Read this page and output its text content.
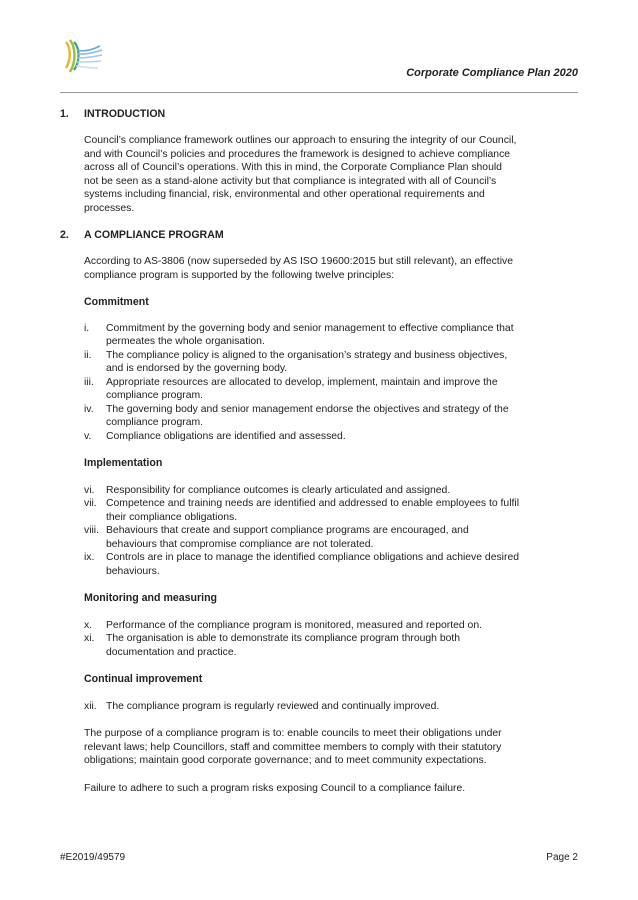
Corporate Compliance Plan 2020
1. INTRODUCTION
Council’s compliance framework outlines our approach to ensuring the integrity of our Council,
and with Council’s policies and procedures the framework is designed to achieve compliance
across all of Council’s operations. With this in mind, the Corporate Compliance Plan should
not be seen as a stand-alone activity but that compliance is integrated with all of Council’s
systems including financial, risk, environmental and other operational requirements and
processes.
2. A COMPLIANCE PROGRAM
According to AS-3806 (now superseded by AS ISO 19600:2015 but still relevant), an effective
compliance program is supported by the following twelve principles:
Commitment
i. Commitment by the governing body and senior management to effective compliance that
permeates the whole organisation.
ii. The compliance policy is aligned to the organisation’s strategy and business objectives,
and is endorsed by the governing body.
iii. Appropriate resources are allocated to develop, implement, maintain and improve the
compliance program.
iv. The governing body and senior management endorse the objectives and strategy of the
compliance program.
v. Compliance obligations are identified and assessed.
Implementation
vi. Responsibility for compliance outcomes is clearly articulated and assigned.
vii. Competence and training needs are identified and addressed to enable employees to fulfil
their compliance obligations.
viii. Behaviours that create and support compliance programs are encouraged, and
behaviours that compromise compliance are not tolerated.
ix. Controls are in place to manage the identified compliance obligations and achieve desired
behaviours.
Monitoring and measuring
x. Performance of the compliance program is monitored, measured and reported on.
xi. The organisation is able to demonstrate its compliance program through both
documentation and practice.
Continual improvement
xii. The compliance program is regularly reviewed and continually improved.
The purpose of a compliance program is to: enable councils to meet their obligations under
relevant laws; help Councillors, staff and committee members to comply with their statutory
obligations; maintain good corporate governance; and to meet community expectations.
Failure to adhere to such a program risks exposing Council to a compliance failure.
#E2019/49579	Page 2
